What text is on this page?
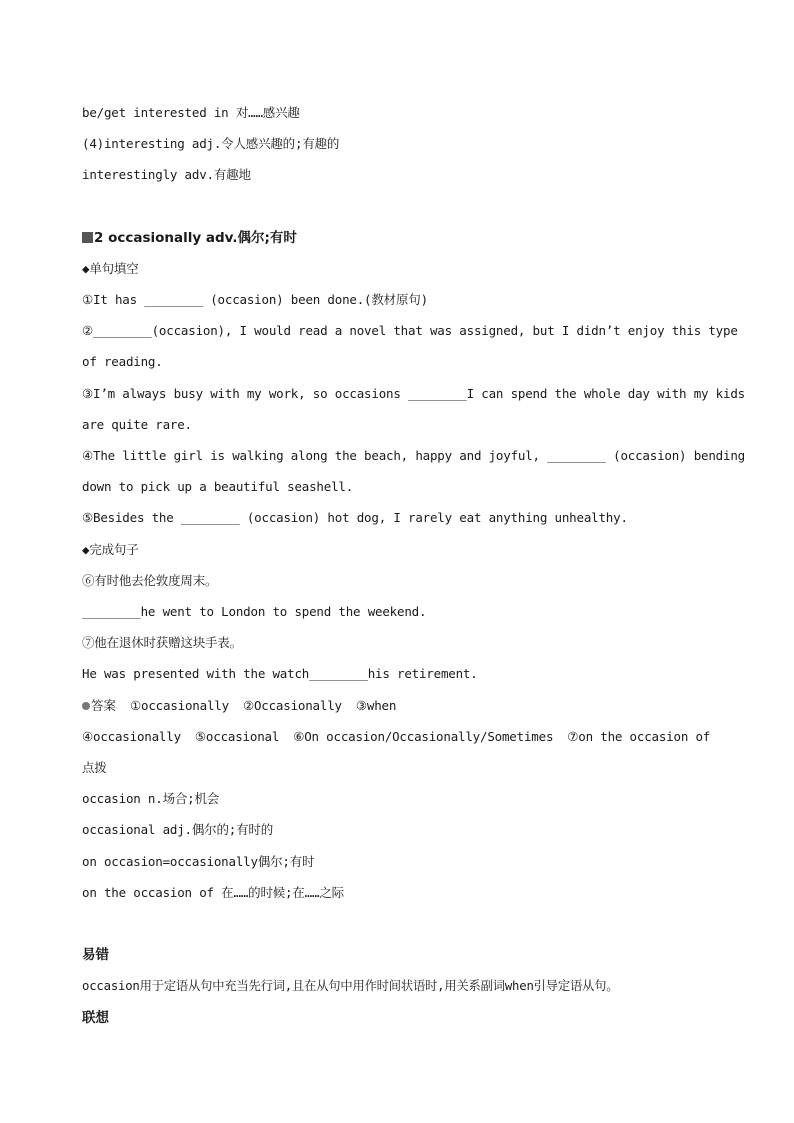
be/get interested in 对……感兴趣
(4)interesting adj.令人感兴趣的;有趣的
interestingly adv.有趣地
2 occasionally adv.偶尔;有时
◆单句填空
①It has ________ (occasion) been done.(教材原句)
②________(occasion), I would read a novel that was assigned, but I didn’t enjoy this type
of reading.
③I’m always busy with my work, so occasions ________I can spend the whole day with my kids
are quite rare.
④The little girl is walking along the beach, happy and joyful, ________ (occasion) bending
down to pick up a beautiful seashell.
⑤Besides the ________ (occasion) hot dog, I rarely eat anything unhealthy.
◆完成句子
⑥有时他去伦敦度周末。
________he went to London to spend the weekend.
⑦他在退休时获赠这块手表。
He was presented with the watch________his retirement.
答案 ①occasionally ②Occasionally ③when
④occasionally ⑤occasional ⑥On occasion/Occasionally/Sometimes ⑦on the occasion of
点拨
occasion n.场合;机会
occasional adj.偶尔的;有时的
on occasion=occasionally偶尔;有时
on the occasion of 在……的时候;在……之际
易错
occasion用于定语从句中充当先行词,且在从句中用作时间状语时,用关系副词when引导定语从句。
联想
